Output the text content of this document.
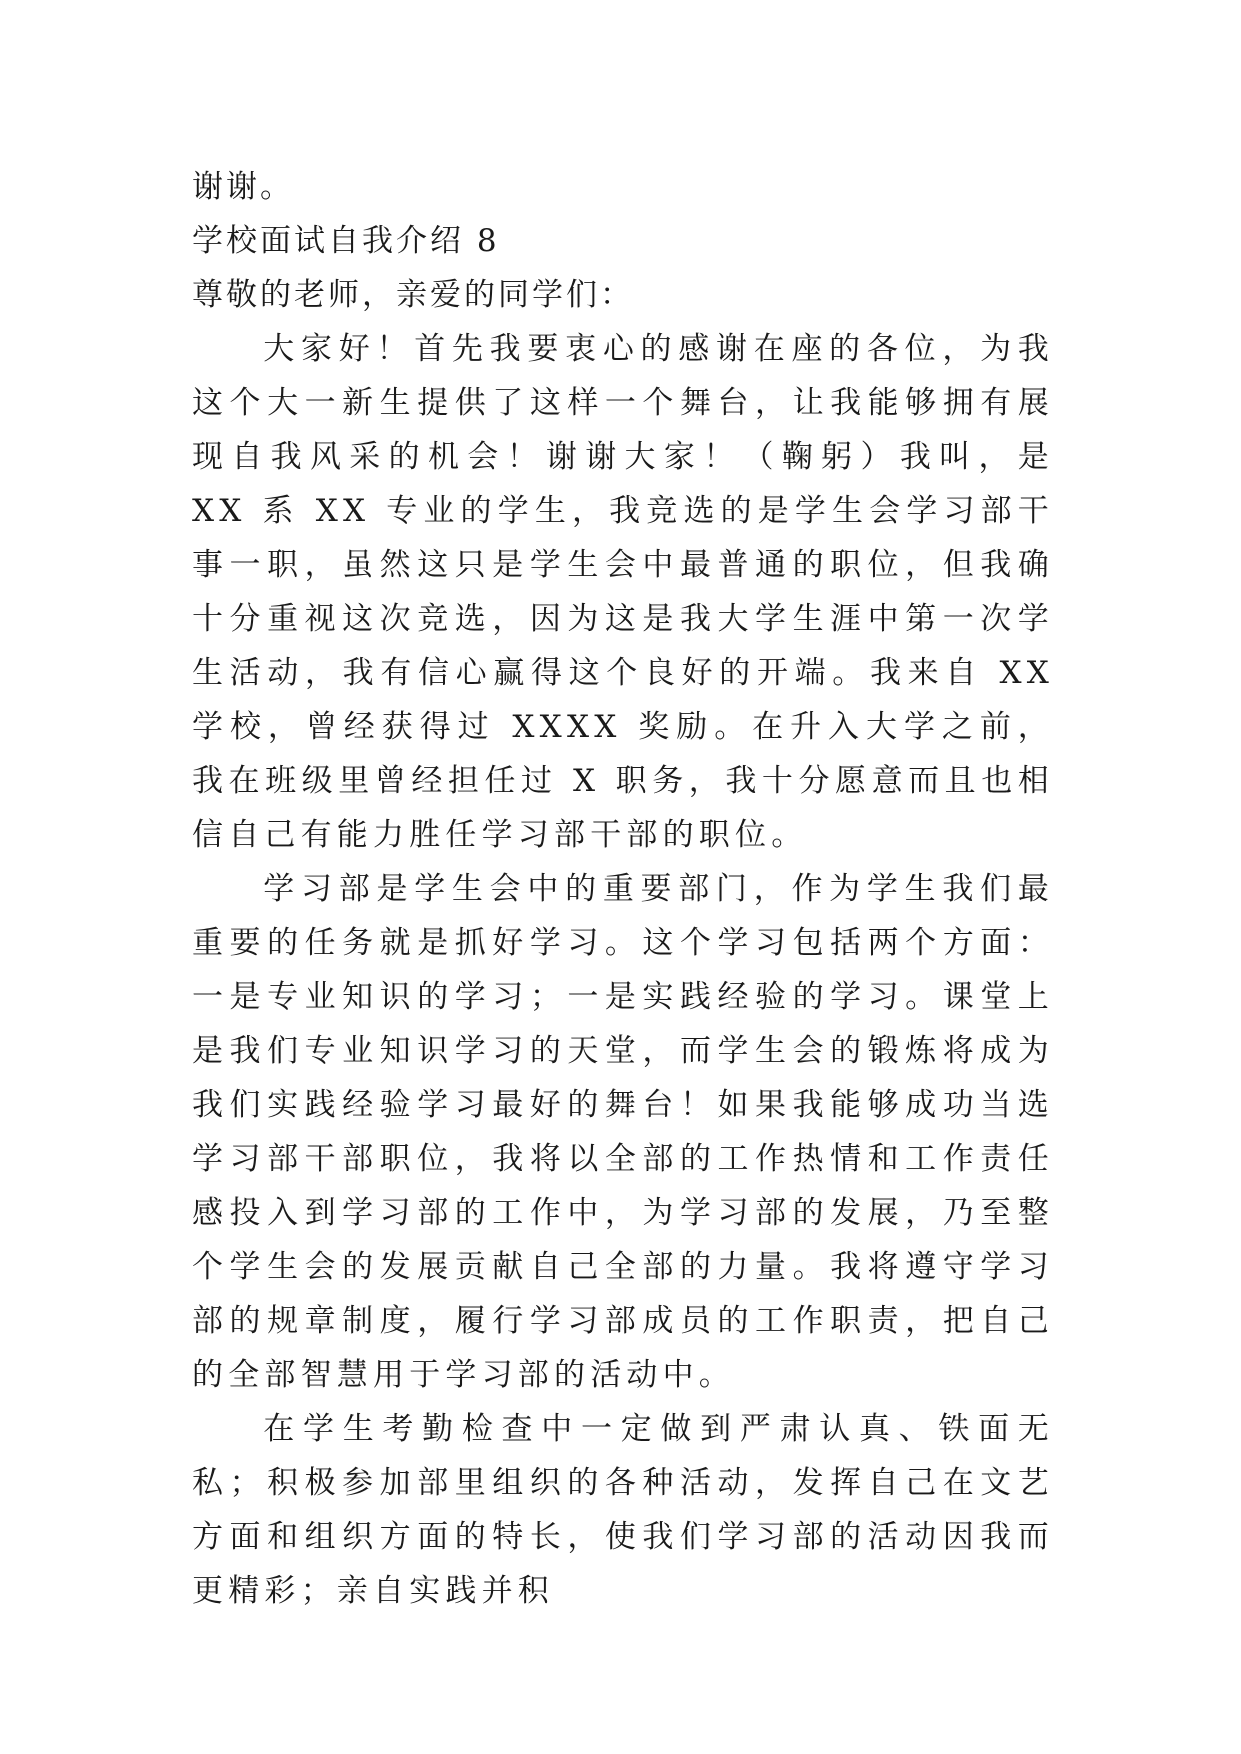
谢谢。

学校面试自我介绍 8

尊敬的老师，亲爱的同学们：

大家好！首先我要衷心的感谢在座的各位，为我这个大一新生提供了这样一个舞台，让我能够拥有展现自我风采的机会！谢谢大家！（鞠躬）我叫，是 XX 系 XX 专业的学生，我竞选的是学生会学习部干事一职，虽然这只是学生会中最普通的职位，但我确十分重视这次竞选，因为这是我大学生涯中第一次学生活动，我有信心赢得这个良好的开端。我来自 XX 学校，曾经获得过 XXXX 奖励。在升入大学之前，我在班级里曾经担任过 X 职务，我十分愿意而且也相信自己有能力胜任学习部干部的职位。

学习部是学生会中的重要部门，作为学生我们最重要的任务就是抓好学习。这个学习包括两个方面：一是专业知识的学习；一是实践经验的学习。课堂上是我们专业知识学习的天堂，而学生会的锻炼将成为我们实践经验学习最好的舞台！如果我能够成功当选学习部干部职位，我将以全部的工作热情和工作责任感投入到学习部的工作中，为学习部的发展，乃至整个学生会的发展贡献自己全部的力量。我将遵守学习部的规章制度，履行学习部成员的工作职责，把自己的全部智慧用于学习部的活动中。

在学生考勤检查中一定做到严肃认真、铁面无私；积极参加部里组织的各种活动，发挥自己在文艺方面和组织方面的特长，使我们学习部的活动因我而更精彩；亲自实践并积
